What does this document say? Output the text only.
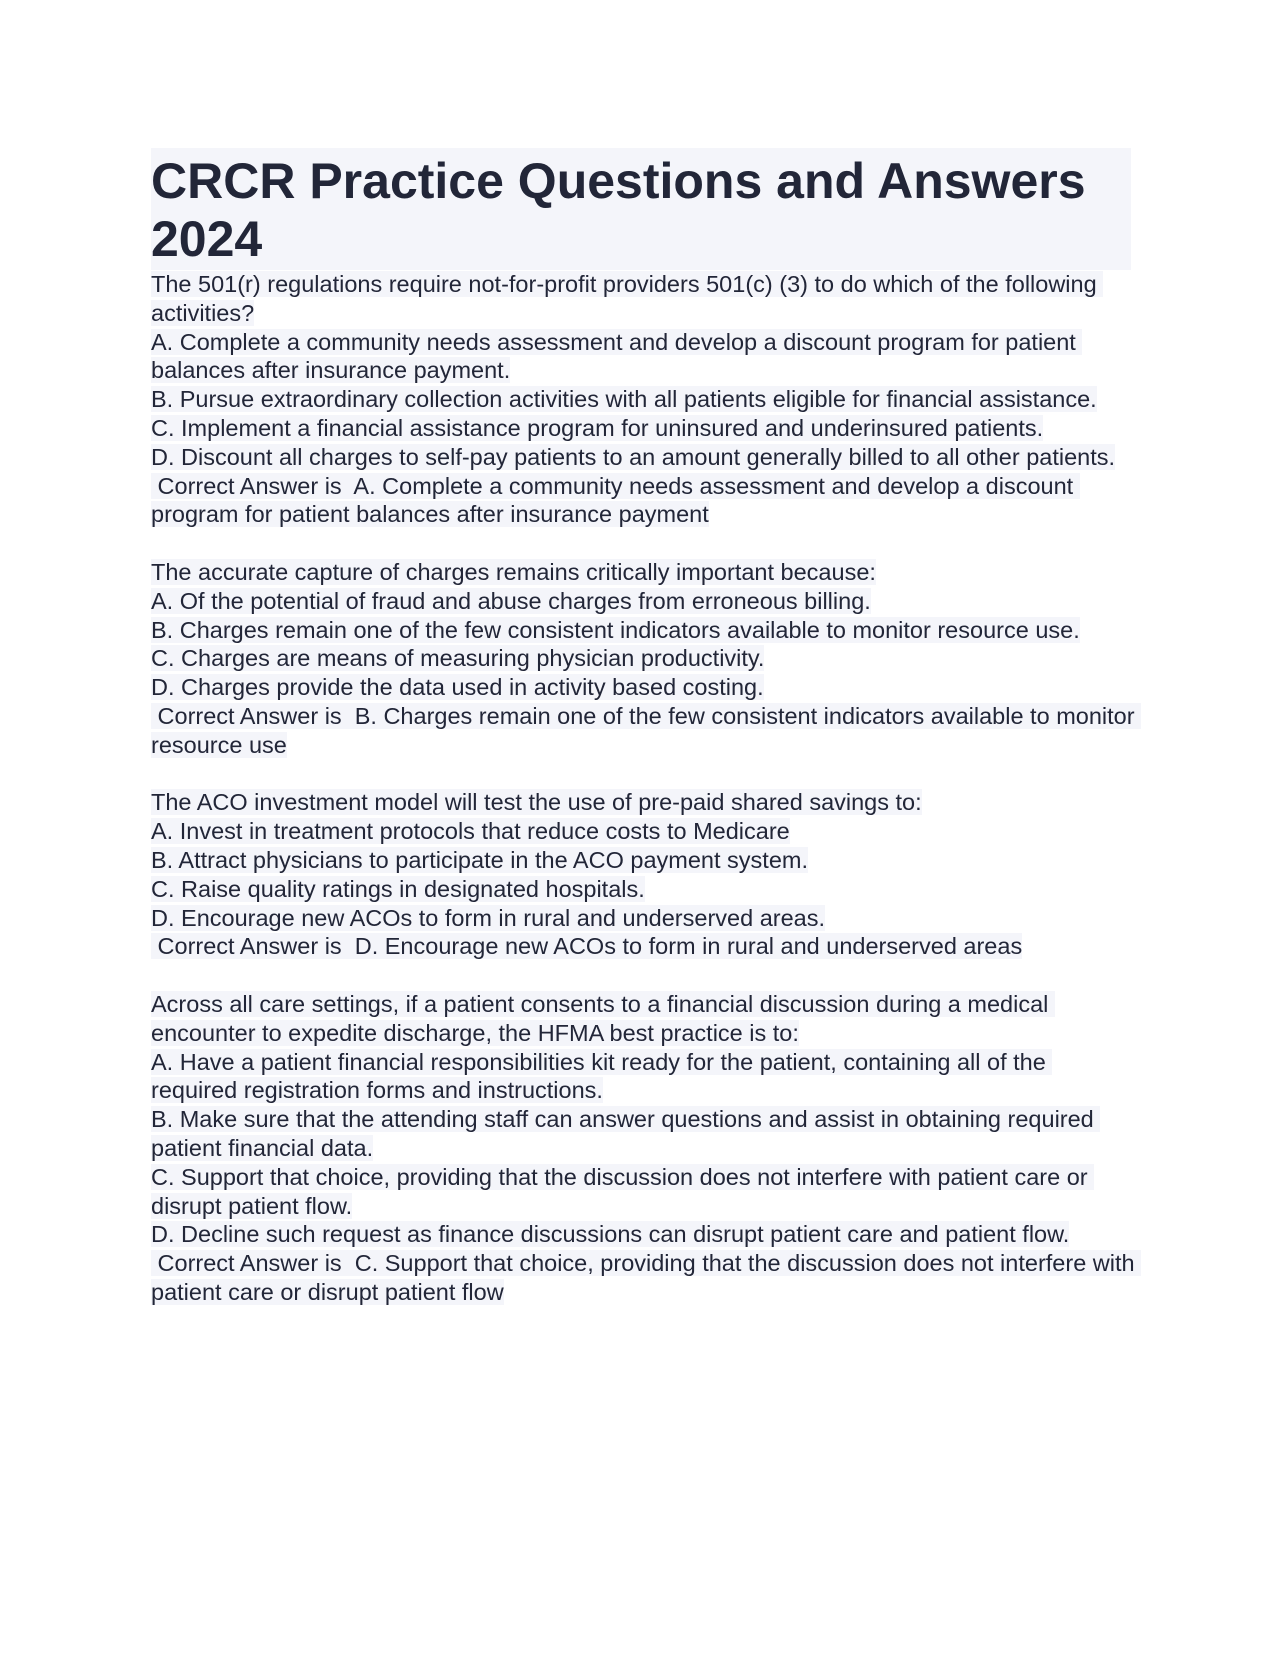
CRCR Practice Questions and Answers 2024
The 501(r) regulations require not-for-profit providers 501(c) (3) to do which of the following activities?
A. Complete a community needs assessment and develop a discount program for patient balances after insurance payment.
B. Pursue extraordinary collection activities with all patients eligible for financial assistance.
C. Implement a financial assistance program for uninsured and underinsured patients.
D. Discount all charges to self-pay patients to an amount generally billed to all other patients.
Correct Answer is  A. Complete a community needs assessment and develop a discount program for patient balances after insurance payment
The accurate capture of charges remains critically important because:
A. Of the potential of fraud and abuse charges from erroneous billing.
B. Charges remain one of the few consistent indicators available to monitor resource use.
C. Charges are means of measuring physician productivity.
D. Charges provide the data used in activity based costing.
Correct Answer is  B. Charges remain one of the few consistent indicators available to monitor resource use
The ACO investment model will test the use of pre-paid shared savings to:
A. Invest in treatment protocols that reduce costs to Medicare
B. Attract physicians to participate in the ACO payment system.
C. Raise quality ratings in designated hospitals.
D. Encourage new ACOs to form in rural and underserved areas.
Correct Answer is  D. Encourage new ACOs to form in rural and underserved areas
Across all care settings, if a patient consents to a financial discussion during a medical encounter to expedite discharge, the HFMA best practice is to:
A. Have a patient financial responsibilities kit ready for the patient, containing all of the required registration forms and instructions.
B. Make sure that the attending staff can answer questions and assist in obtaining required patient financial data.
C. Support that choice, providing that the discussion does not interfere with patient care or disrupt patient flow.
D. Decline such request as finance discussions can disrupt patient care and patient flow.
Correct Answer is  C. Support that choice, providing that the discussion does not interfere with patient care or disrupt patient flow
